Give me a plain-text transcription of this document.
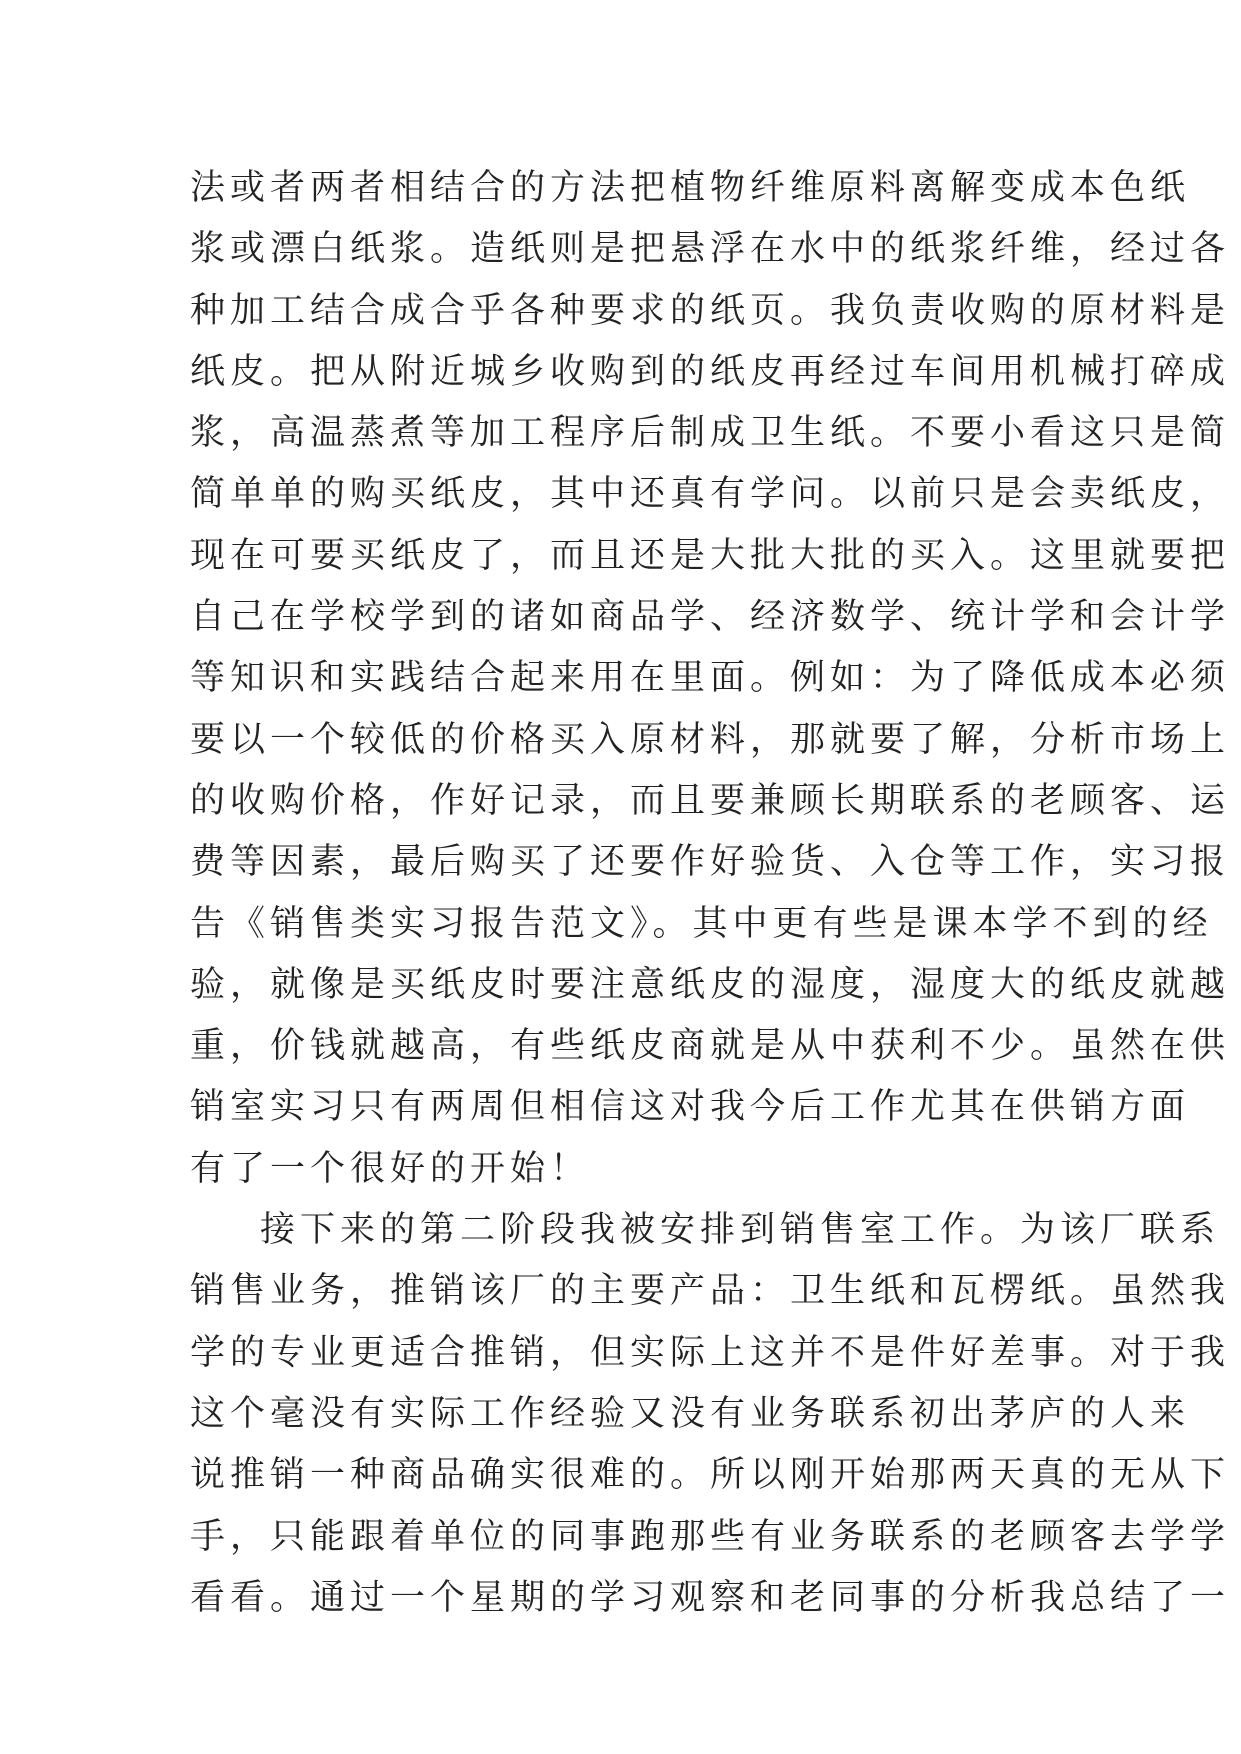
法或者两者相结合的方法把植物纤维原料离解变成本色纸
浆或漂白纸浆。造纸则是把悬浮在水中的纸浆纤维，经过各
种加工结合成合乎各种要求的纸页。我负责收购的原材料是
纸皮。把从附近城乡收购到的纸皮再经过车间用机械打碎成
浆，高温蒸煮等加工程序后制成卫生纸。不要小看这只是简
简单单的购买纸皮，其中还真有学问。以前只是会卖纸皮，
现在可要买纸皮了，而且还是大批大批的买入。这里就要把
自己在学校学到的诸如商品学、经济数学、统计学和会计学
等知识和实践结合起来用在里面。例如：为了降低成本必须
要以一个较低的价格买入原材料，那就要了解，分析市场上
的收购价格，作好记录，而且要兼顾长期联系的老顾客、运
费等因素，最后购买了还要作好验货、入仓等工作，实习报
告《销售类实习报告范文》。其中更有些是课本学不到的经
验，就像是买纸皮时要注意纸皮的湿度，湿度大的纸皮就越
重，价钱就越高，有些纸皮商就是从中获利不少。虽然在供
销室实习只有两周但相信这对我今后工作尤其在供销方面
有了一个很好的开始！
接下来的第二阶段我被安排到销售室工作。为该厂联系
销售业务，推销该厂的主要产品：卫生纸和瓦楞纸。虽然我
学的专业更适合推销，但实际上这并不是件好差事。对于我
这个毫没有实际工作经验又没有业务联系初出茅庐的人来
说推销一种商品确实很难的。所以刚开始那两天真的无从下
手，只能跟着单位的同事跑那些有业务联系的老顾客去学学
看看。通过一个星期的学习观察和老同事的分析我总结了一
